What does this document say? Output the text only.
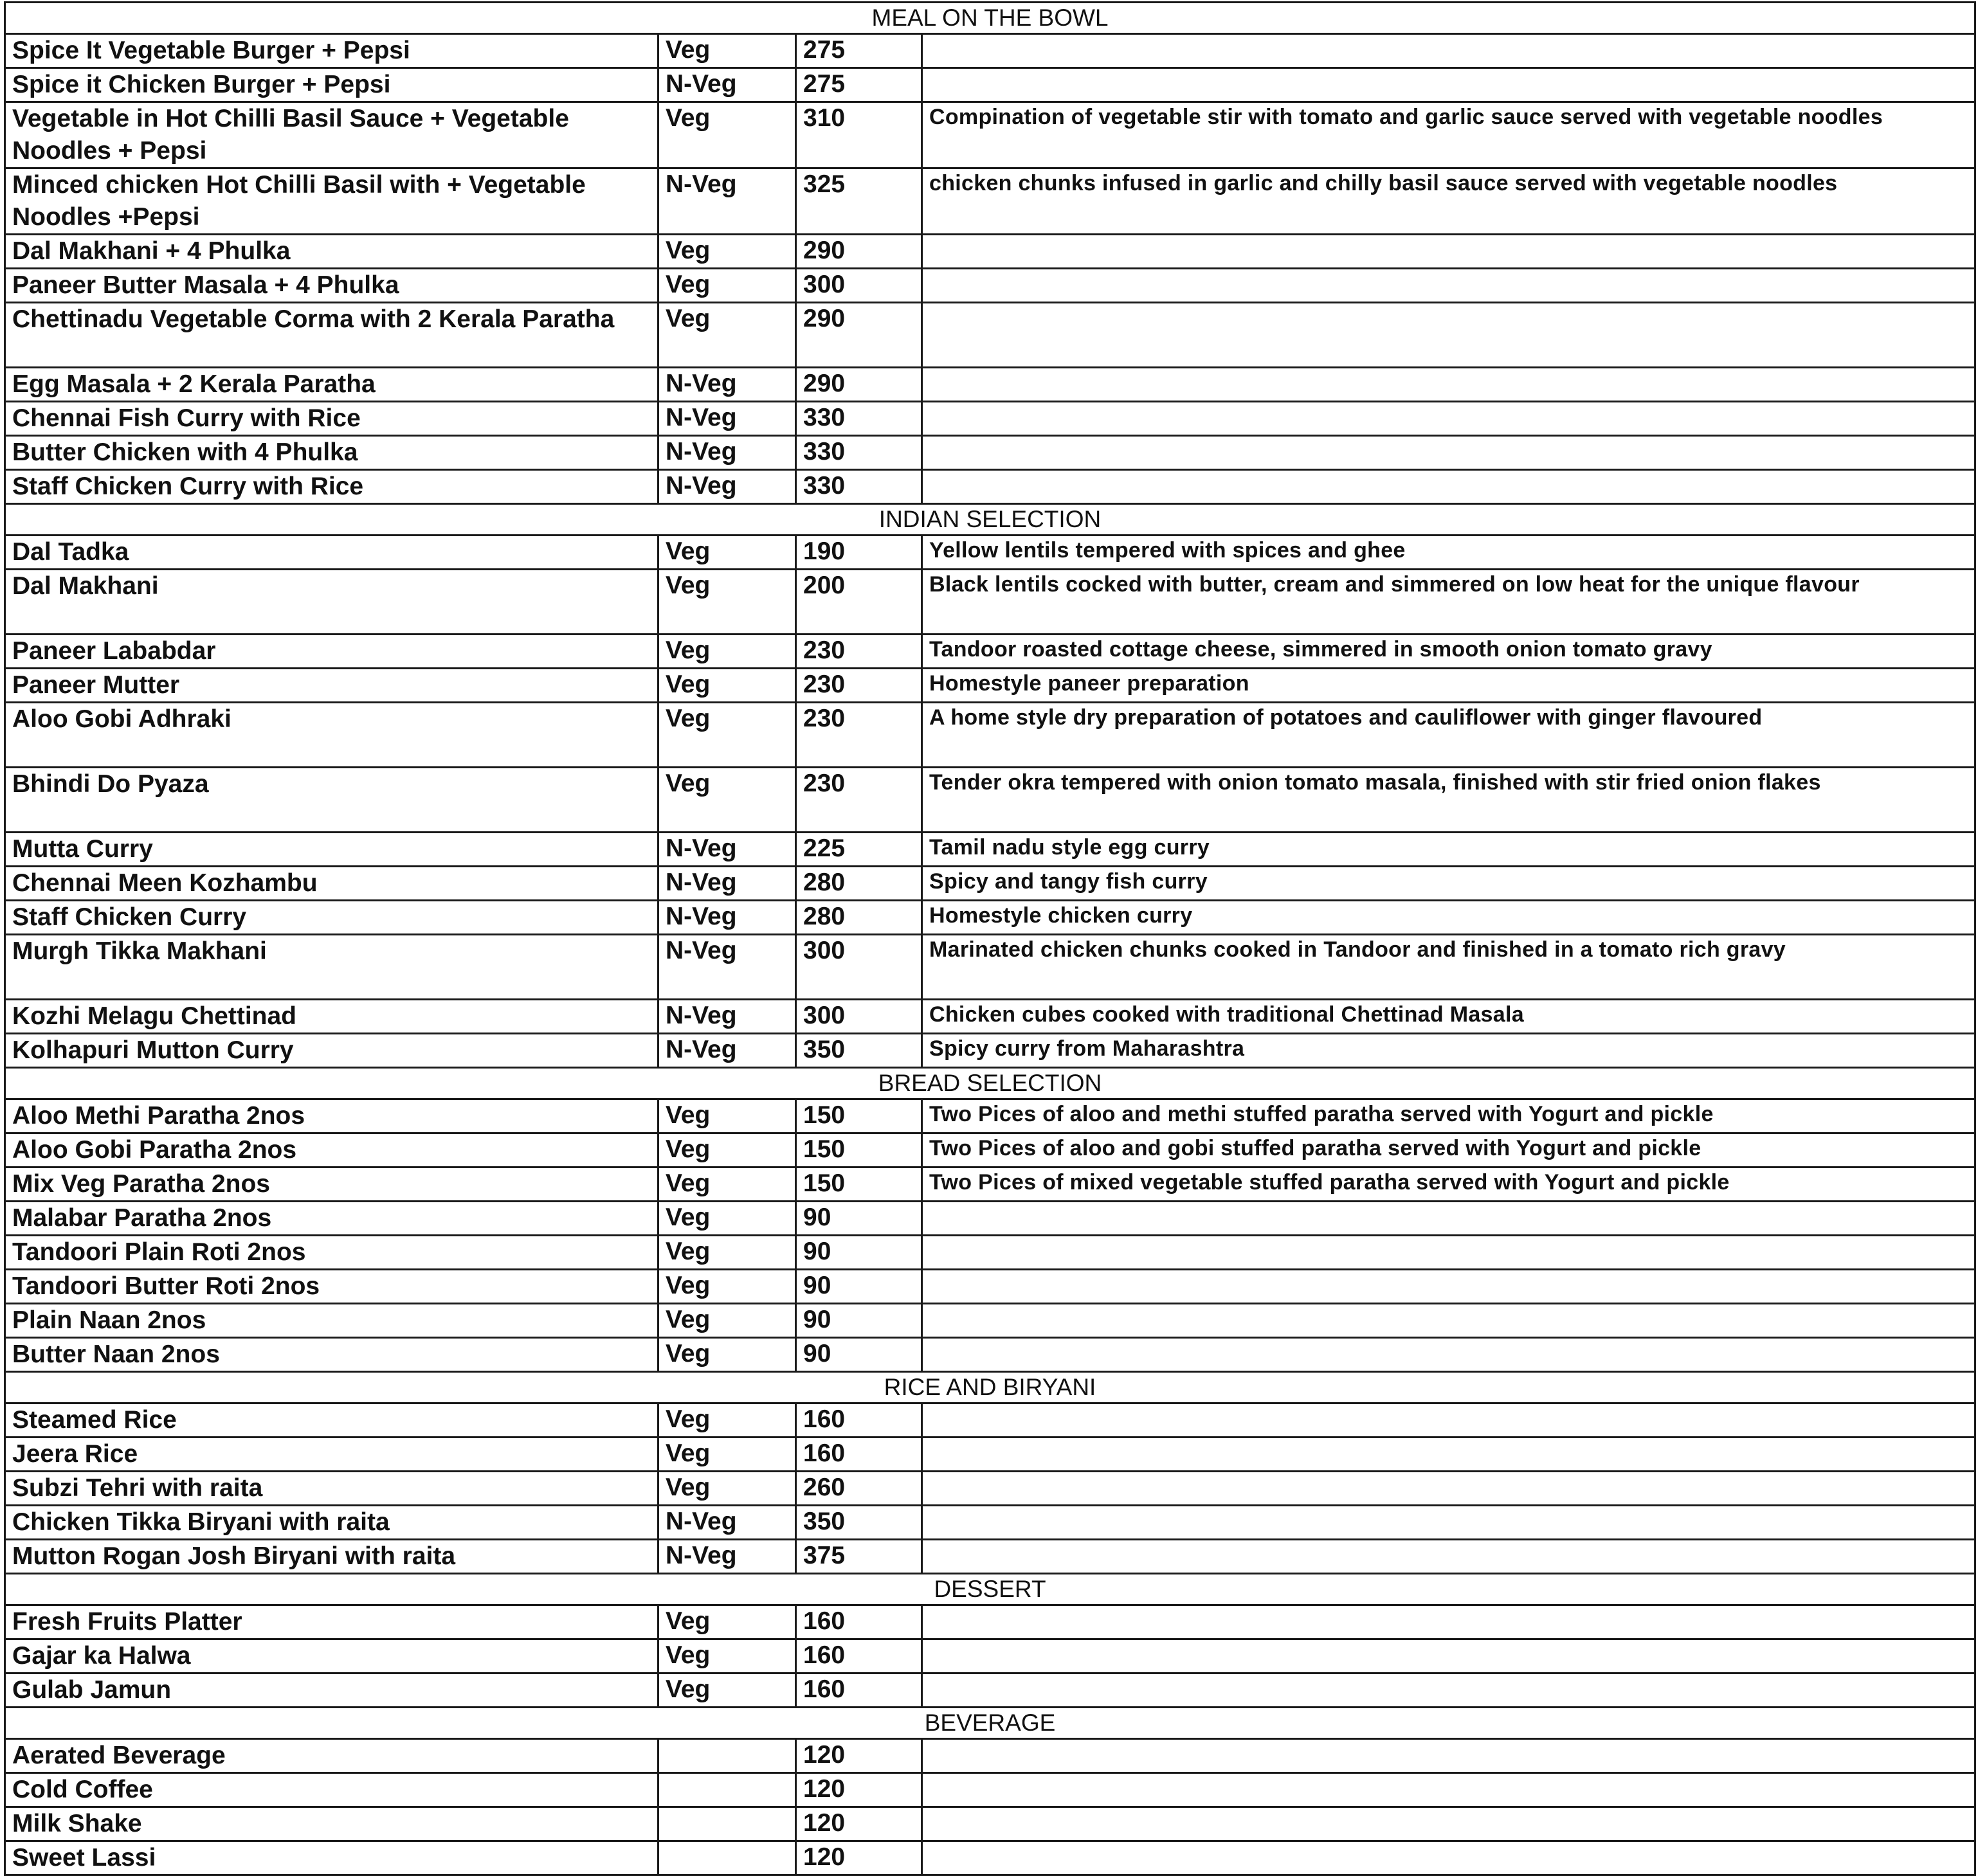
MEAL ON THE BOWL			
Spice It Vegetable Burger + Pepsi	Veg	275	
Spice it Chicken Burger + Pepsi	N-Veg	275	
Vegetable in Hot Chilli Basil Sauce + Vegetable Noodles + Pepsi	Veg	310	Compination of vegetable stir with tomato and garlic sauce served with vegetable noodles
Minced chicken Hot Chilli Basil with + Vegetable Noodles +Pepsi	N-Veg	325	chicken chunks infused in garlic and chilly basil sauce served with vegetable noodles
Dal Makhani + 4 Phulka	Veg	290	
Paneer Butter Masala + 4 Phulka	Veg	300	
Chettinadu Vegetable Corma with 2 Kerala Paratha	Veg	290	
Egg Masala + 2 Kerala Paratha	N-Veg	290	
Chennai Fish Curry with Rice	N-Veg	330	
Butter Chicken with 4 Phulka	N-Veg	330	
Staff Chicken Curry with Rice	N-Veg	330	
INDIAN SELECTION			
Dal Tadka	Veg	190	Yellow lentils tempered with spices and ghee
Dal Makhani	Veg	200	Black lentils cocked with butter, cream and simmered on low heat for the unique flavour
Paneer Lababdar	Veg	230	Tandoor roasted cottage cheese, simmered in smooth onion tomato gravy
Paneer Mutter	Veg	230	Homestyle paneer preparation
Aloo Gobi Adhraki	Veg	230	A home style dry preparation of potatoes and cauliflower with ginger flavoured
Bhindi Do Pyaza	Veg	230	Tender okra tempered with onion tomato masala, finished with stir fried onion flakes
Mutta Curry	N-Veg	225	Tamil nadu style egg curry
Chennai Meen Kozhambu	N-Veg	280	Spicy and tangy fish curry
Staff Chicken Curry	N-Veg	280	Homestyle chicken curry
Murgh Tikka Makhani	N-Veg	300	Marinated chicken chunks cooked in Tandoor and finished in a tomato rich gravy
Kozhi Melagu Chettinad	N-Veg	300	Chicken cubes cooked with traditional Chettinad Masala
Kolhapuri Mutton Curry	N-Veg	350	Spicy curry from Maharashtra
BREAD SELECTION			
Aloo Methi Paratha 2nos	Veg	150	Two Pices of aloo and methi stuffed paratha served with Yogurt and pickle
Aloo Gobi Paratha 2nos	Veg	150	Two Pices of aloo and gobi stuffed paratha served with Yogurt and pickle
Mix Veg Paratha 2nos	Veg	150	Two Pices of mixed vegetable stuffed paratha served with Yogurt and pickle
Malabar Paratha 2nos	Veg	90	
Tandoori Plain Roti 2nos	Veg	90	
Tandoori Butter Roti 2nos	Veg	90	
Plain Naan 2nos	Veg	90	
Butter Naan 2nos	Veg	90	
RICE AND BIRYANI			
Steamed Rice	Veg	160	
Jeera Rice	Veg	160	
Subzi Tehri with raita	Veg	260	
Chicken Tikka Biryani with raita	N-Veg	350	
Mutton Rogan Josh Biryani with raita	N-Veg	375	
DESSERT			
Fresh Fruits Platter	Veg	160	
Gajar ka Halwa	Veg	160	
Gulab Jamun	Veg	160	
BEVERAGE			
Aerated Beverage		120	
Cold Coffee		120	
Milk Shake		120	
Sweet Lassi		120	
